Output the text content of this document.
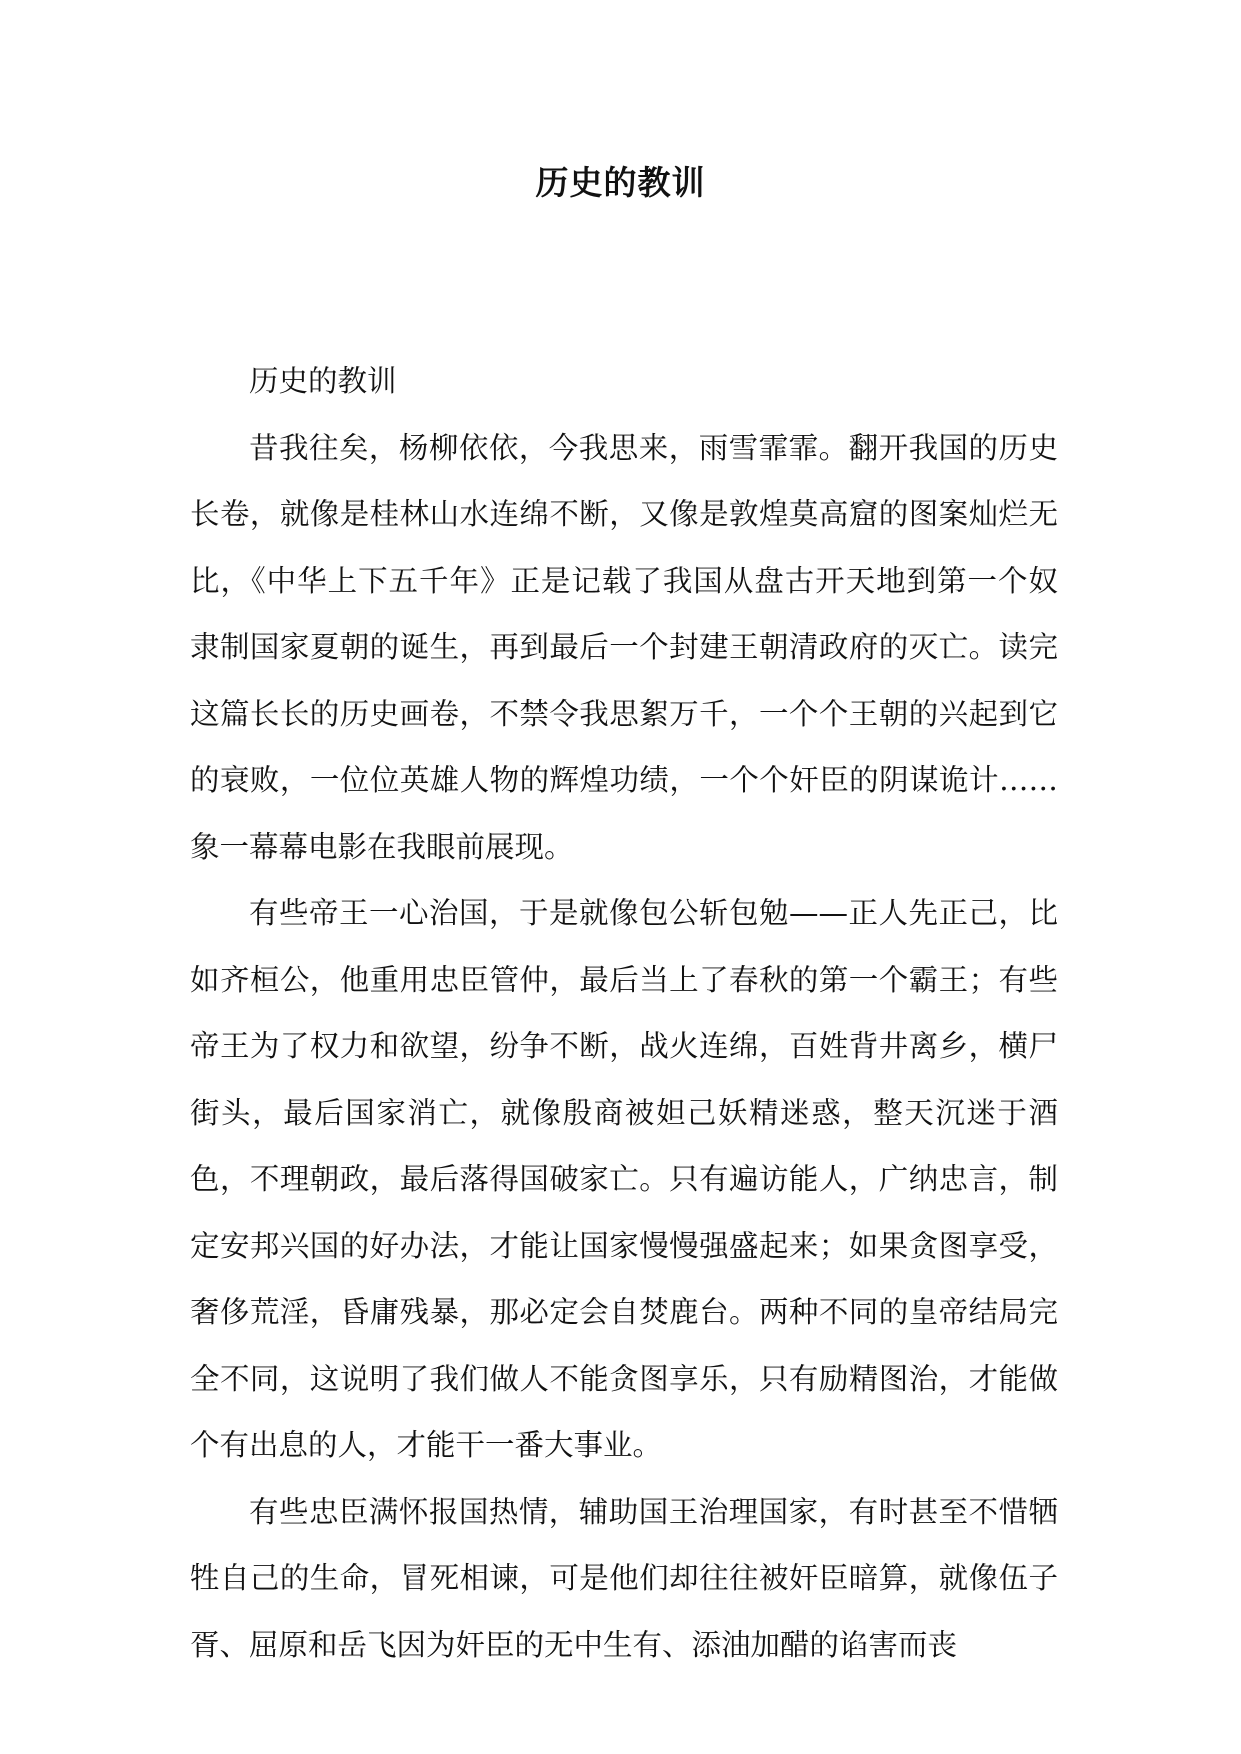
历史的教训

历史的教训

昔我往矣，杨柳依依，今我思来，雨雪霏霏。翻开我国的历史长卷，就像是桂林山水连绵不断，又像是敦煌莫高窟的图案灿烂无比，《中华上下五千年》正是记载了我国从盘古开天地到第一个奴隶制国家夏朝的诞生，再到最后一个封建王朝清政府的灭亡。读完这篇长长的历史画卷，不禁令我思絮万千，一个个王朝的兴起到它的衰败，一位位英雄人物的辉煌功绩，一个个奸臣的阴谋诡计……象一幕幕电影在我眼前展现。

有些帝王一心治国，于是就像包公斩包勉——正人先正己，比如齐桓公，他重用忠臣管仲，最后当上了春秋的第一个霸王；有些帝王为了权力和欲望，纷争不断，战火连绵，百姓背井离乡，横尸街头，最后国家消亡，就像殷商被妲己妖精迷惑，整天沉迷于酒色，不理朝政，最后落得国破家亡。只有遍访能人，广纳忠言，制定安邦兴国的好办法，才能让国家慢慢强盛起来；如果贪图享受，奢侈荒淫，昏庸残暴，那必定会自焚鹿台。两种不同的皇帝结局完全不同，这说明了我们做人不能贪图享乐，只有励精图治，才能做个有出息的人，才能干一番大事业。

有些忠臣满怀报国热情，辅助国王治理国家，有时甚至不惜牺牲自己的生命，冒死相谏，可是他们却往往被奸臣暗算，就像伍子胥、屈原和岳飞因为奸臣的无中生有、添油加醋的谄害而丧
